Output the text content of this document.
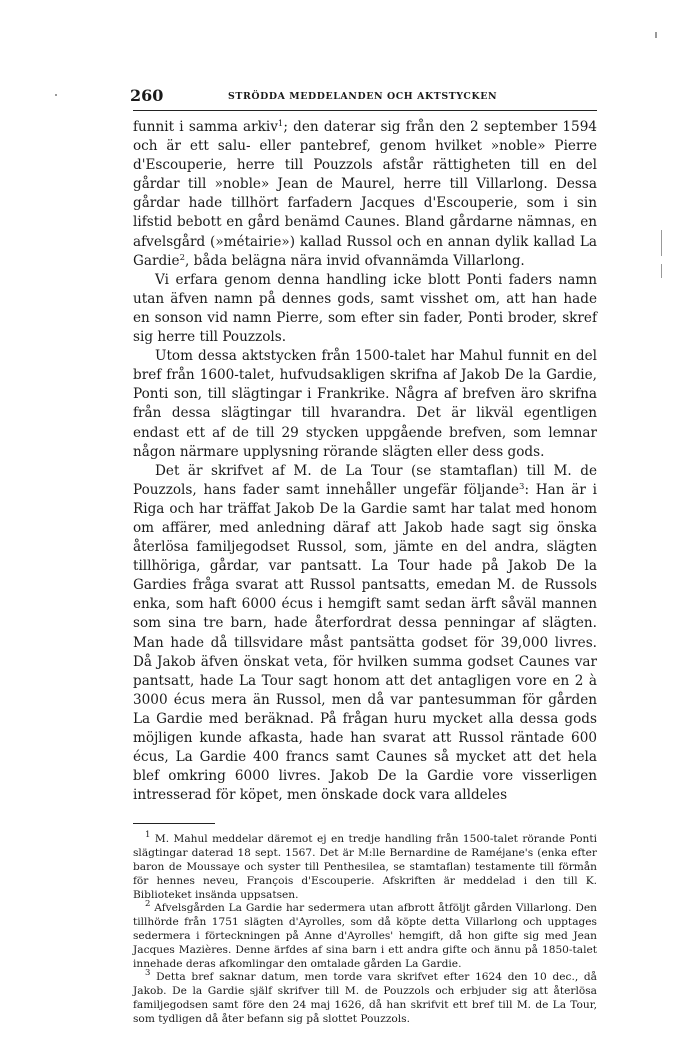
260	STRÖDDA MEDDELANDEN OCH AKTSTYCKEN

funnit i samma arkiv$^1$; den daterar sig från den 2 september 1594 och är ett salu- eller pantebref, genom hvilket »noble» Pierre d'Escouperie, herre till Pouzzols afstår rättigheten till en del gårdar till »noble» Jean de Maurel, herre till Villarlong. Dessa gårdar hade tillhört farfadern Jacques d'Escouperie, som i sin lifstid bebott en gård benämd Caunes. Bland gårdarne nämnas, en afvelsgård (»métairie») kallad Russol och en annan dylik kallad La Gardie$^2$, båda belägna nära invid ofvannämda Villarlong.

Vi erfara genom denna handling icke blott Ponti faders namn utan äfven namn på dennes gods, samt visshet om, att han hade en sonson vid namn Pierre, som efter sin fader, Ponti broder, skref sig herre till Pouzzols.

Utom dessa aktstycken från 1500-talet har Mahul funnit en del bref från 1600-talet, hufvudsakligen skrifna af Jakob De la Gardie, Ponti son, till slägtingar i Frankrike. Några af brefven äro skrifna från dessa slägtingar till hvarandra. Det är likväl egentligen endast ett af de till 29 stycken uppgående brefven, som lemnar någon närmare upplysning rörande slägten eller dess gods.

Det är skrifvet af M. de La Tour (se stamtaflan) till M. de Pouzzols, hans fader samt innehåller ungefär följande$^3$: Han är i Riga och har träffat Jakob De la Gardie samt har talat med honom om affärer, med anledning däraf att Jakob hade sagt sig önska återlösa familjegodset Russol, som, jämte en del andra, slägten tillhöriga, gårdar, var pantsatt. La Tour hade på Jakob De la Gardies fråga svarat att Russol pantsatts, emedan M. de Russols enka, som haft 6000 écus i hemgift samt sedan ärft såväl mannen som sina tre barn, hade återfordrat dessa penningar af slägten. Man hade då tillsvidare måst pantsätta godset för 39,000 livres. Då Jakob äfven önskat veta, för hvilken summa godset Caunes var pantsatt, hade La Tour sagt honom att det antagligen vore en 2 à 3000 écus mera än Russol, men då var pantesumman för gården La Gardie med beräknad. På frågan huru mycket alla dessa gods möjligen kunde afkasta, hade han svarat att Russol räntade 600 écus, La Gardie 400 francs samt Caunes så mycket att det hela blef omkring 6000 livres. Jakob De la Gardie vore visserligen intresserad för köpet, men önskade dock vara alldeles

$^1$ M. Mahul meddelar däremot ej en tredje handling från 1500-talet rörande Ponti slägtingar daterad 18 sept. 1567. Det är M:lle Bernardine de Raméjane's (enka efter baron de Moussaye och syster till Penthesilea, se stamtaflan) testamente till förmån för hennes neveu, François d'Escouperie. Afskriften är meddelad i den till K. Biblioteket insända uppsatsen.

$^2$ Afvelsgården La Gardie har sedermera utan afbrott åtföljt gården Villarlong. Den tillhörde från 1751 slägten d'Ayrolles, som då köpte detta Villarlong och upptages sedermera i förteckningen på Anne d'Ayrolles' hemgift, då hon gifte sig med Jean Jacques Mazières. Denne ärfdes af sina barn i ett andra gifte och ännu på 1850-talet innehade deras afkomlingar den omtalade gården La Gardie.

$^3$ Detta bref saknar datum, men torde vara skrifvet efter 1624 den 10 dec., då Jakob. De la Gardie själf skrifver till M. de Pouzzols och erbjuder sig att återlösa familjegodsen samt före den 24 maj 1626, då han skrifvit ett bref till M. de La Tour, som tydligen då åter befann sig på slottet Pouzzols.
